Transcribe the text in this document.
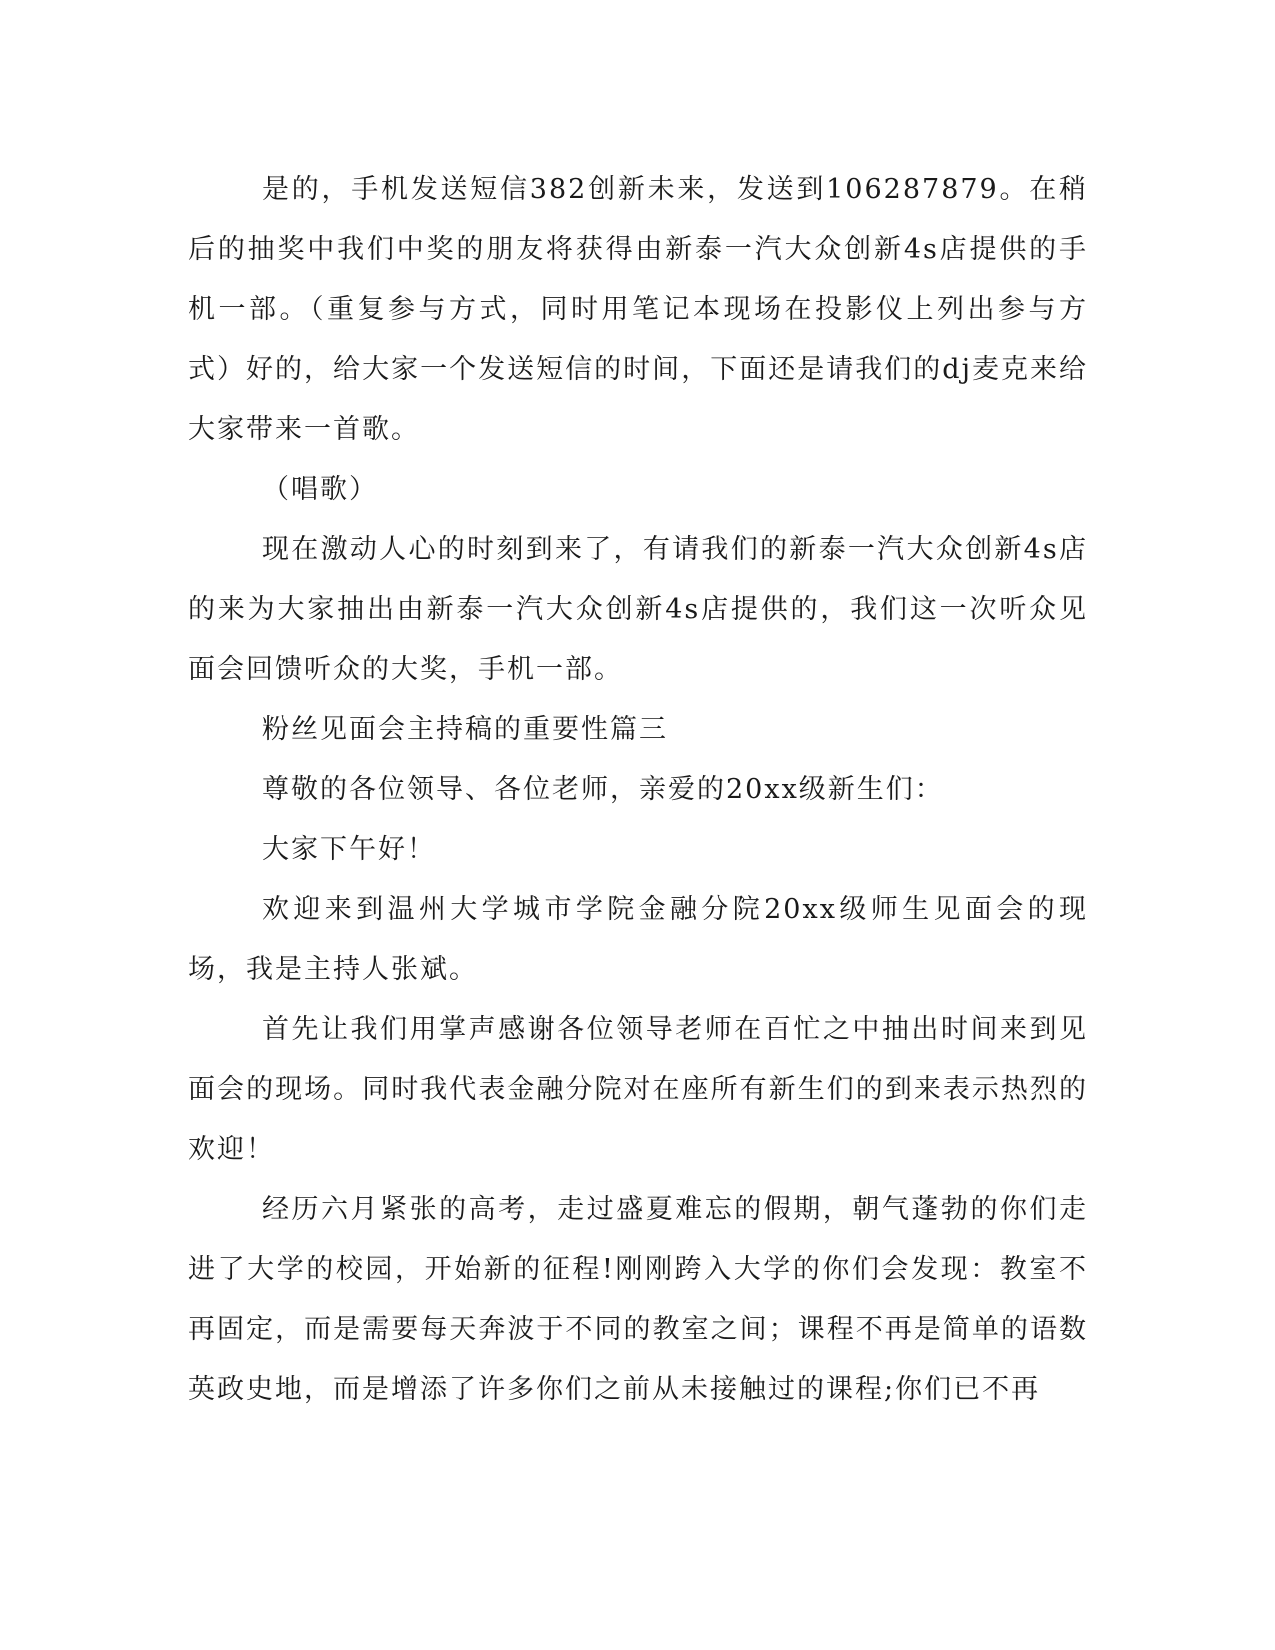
是的，手机发送短信382创新未来，发送到106287879。在稍后的抽奖中我们中奖的朋友将获得由新泰一汽大众创新4s店提供的手机一部。（重复参与方式，同时用笔记本现场在投影仪上列出参与方式）好的，给大家一个发送短信的时间，下面还是请我们的dj麦克来给大家带来一首歌。

（唱歌）

现在激动人心的时刻到来了，有请我们的新泰一汽大众创新4s店的来为大家抽出由新泰一汽大众创新4s店提供的，我们这一次听众见面会回馈听众的大奖，手机一部。

粉丝见面会主持稿的重要性篇三

尊敬的各位领导、各位老师，亲爱的20xx级新生们：

大家下午好！

欢迎来到温州大学城市学院金融分院20xx级师生见面会的现场，我是主持人张斌。

首先让我们用掌声感谢各位领导老师在百忙之中抽出时间来到见面会的现场。同时我代表金融分院对在座所有新生们的到来表示热烈的欢迎！

经历六月紧张的高考，走过盛夏难忘的假期，朝气蓬勃的你们走进了大学的校园，开始新的征程!刚刚跨入大学的你们会发现：教室不再固定，而是需要每天奔波于不同的教室之间；课程不再是简单的语数英政史地，而是增添了许多你们之前从未接触过的课程;你们已不再
